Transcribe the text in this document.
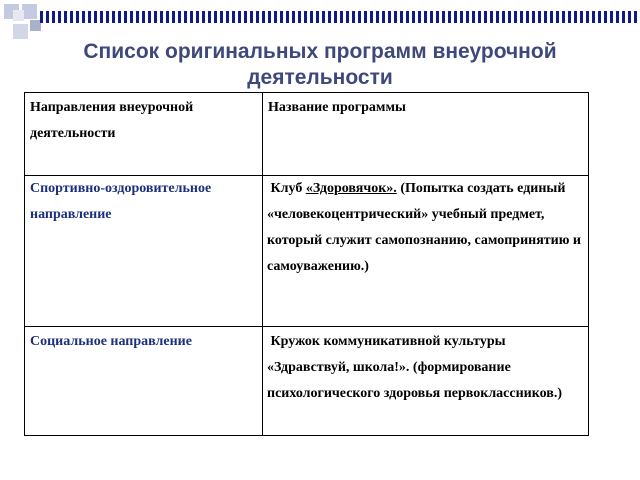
Список оригинальных программ внеурочной деятельности
Направления внеурочной деятельности	Название программы

Спортивно-оздоровительное направление	Клуб «Здоровячок». (Попытка создать единый «человекоцентрический» учебный предмет, который служит самопознанию, самопринятию и самоуважению.)

Социальное направление	Кружок коммуникативной культуры «Здравствуй, школа!». (формирование психологического здоровья первоклассников.)
